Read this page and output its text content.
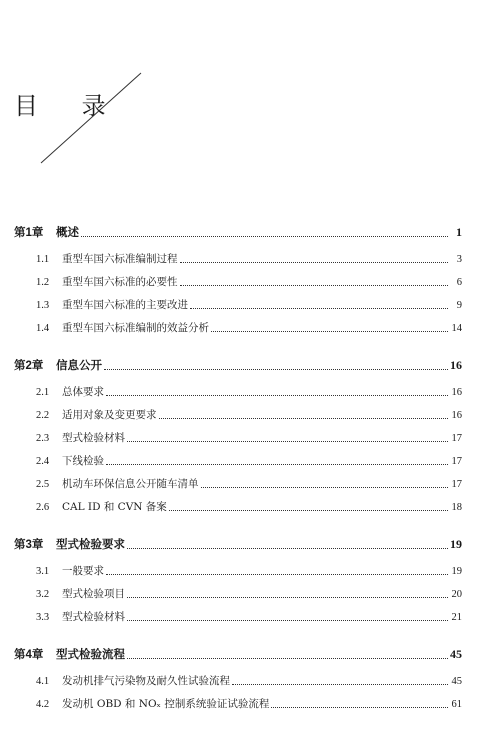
目 录
第1章	概述	1
1.1	重型车国六标准编制过程	3
1.2	重型车国六标准的必要性	6
1.3	重型车国六标准的主要改进	9
1.4	重型车国六标准编制的效益分析	14
第2章	信息公开	16
2.1	总体要求	16
2.2	适用对象及变更要求	16
2.3	型式检验材料	17
2.4	下线检验	17
2.5	机动车环保信息公开随车清单	17
2.6	CAL ID 和 CVN 备案	18
第3章	型式检验要求	19
3.1	一般要求	19
3.2	型式检验项目	20
3.3	型式检验材料	21
第4章	型式检验流程	45
4.1	发动机排气污染物及耐久性试验流程	45
4.2	发动机 OBD 和 NOₓ 控制系统验证试验流程	61
